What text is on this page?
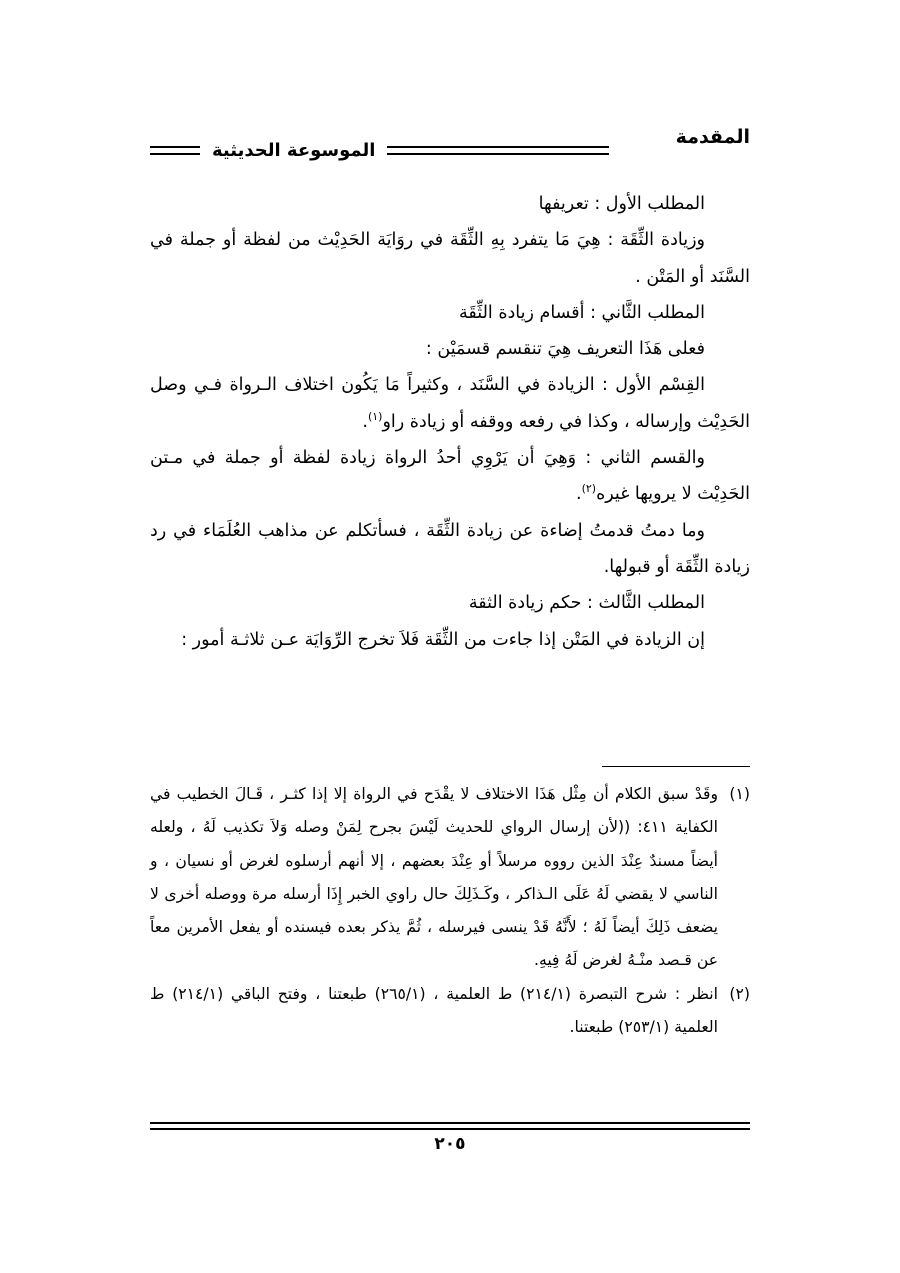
المقدمة
الموسوعة الحديثية

المطلب الأول : تعريفها

وزيادة الثِّقَة : هِيَ مَا يتفرد بِهِ الثِّقَة في روَايَة الحَدِيْث من لفظة أو جملة في السَّنَد أو المَتْن .

المطلب الثَّاني : أقسام زيادة الثِّقَة

فعلى هَذَا التعريف هِيَ تنقسم قسمَيْن :

القِسْم الأول : الزيادة في السَّنَد ، وكثيراً مَا يَكُون اختلاف الـرواة فـي وصل الحَدِيْث وإرساله ، وكذا في رفعه ووقفه أو زيادة راو$^{(١)}$.

والقسم الثاني : وَهِيَ أن يَرْوِي أحدُ الرواة زيادة لفظة أو جملة في مـتن الحَدِيْث لا يرويها غيره$^{(٢)}$.

وما دمتُ قدمتُ إضاءة عن زيادة الثِّقَة ، فسأتكلم عن مذاهب العُلَمَاء في رد زيادة الثِّقَة أو قبولها.

المطلب الثَّالث : حكم زيادة الثقة

إن الزيادة في المَتْن إذا جاءت من الثِّقَة فَلاَ تخرج الرِّوَايَة عـن ثلاثـة أمور :

(١)
وقَدْ سبق الكلام أن مِثْل هَذَا الاختلاف لا يقْدَح في الرواة إلا إذا كثـر ، قَـالَ الخطيب في الكفاية ٤١١: ((لأن إرسال الرواي للحديث لَيْسَ بجرح لِمَنْ وصله وَلاَ تكذيب لَهُ ، ولعله أيضاً مسندٌ عِنْدَ الذين رووه مرسلاً أو عِنْدَ بعضهم ، إلا أنهم أرسلوه لغرض أو نسيان ، و الناسي لا يقضي لَهُ عَلَى الـذاكر ، وكَـذَلِكَ حال راوي الخبر إِذَا أرسله مرة ووصله أخرى لا يضعف ذَلِكَ أيضاً لَهُ ؛ لأَنَّهُ قَدْ ينسى فيرسله ، ثُمَّ يذكر بعده فيسنده أو يفعل الأمرين معاً عن قـصد منْـهُ لغرض لَهُ فِيهِ.
(٢)
انظر : شرح التبصرة (٢١٤/١) ط العلمية ، (٢٦٥/١) طبعتنا ، وفتح الباقي (٢١٤/١) ط العلمية (٢٥٣/١) طبعتنا.
٢٠٥
